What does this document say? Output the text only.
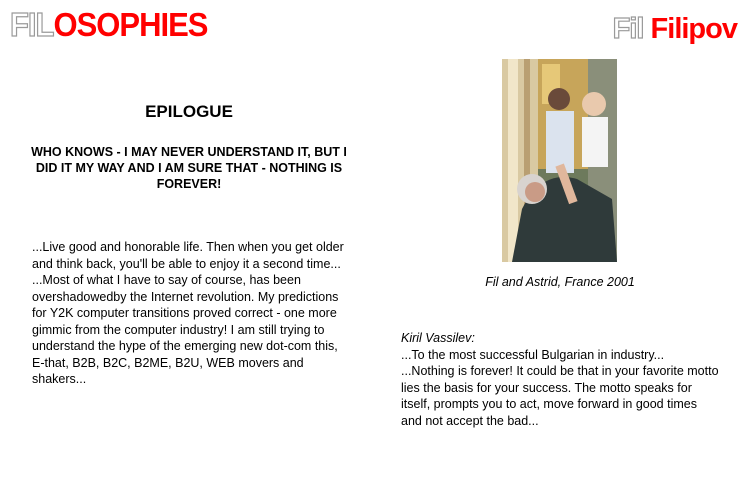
FILOSOPHIES	Fil Filipov
EPILOGUE
WHO KNOWS - I MAY NEVER UNDERSTAND IT, BUT I DID IT MY WAY AND I AM SURE THAT - NOTHING IS FOREVER!

...Live good and honorable life. Then when you get older and think back, you'll be able to enjoy it a second time...

...Most of what I have to say of course, has been overshadowedby the Internet revolution. My predictions for Y2K computer transitions proved correct - one more gimmic from the computer industry! I am still trying to understand the hype of the emerging new dot-com this, E-that, B2B, B2C, B2ME, B2U, WEB movers and shakers...

Fil and Astrid, France 2001

Kiril Vassilev:

...To the most successful Bulgarian in industry...

...Nothing is forever! It could be that in your favorite motto lies the basis for your success. The motto speaks for itself, prompts you to act, move forward in good times and not accept the bad...
